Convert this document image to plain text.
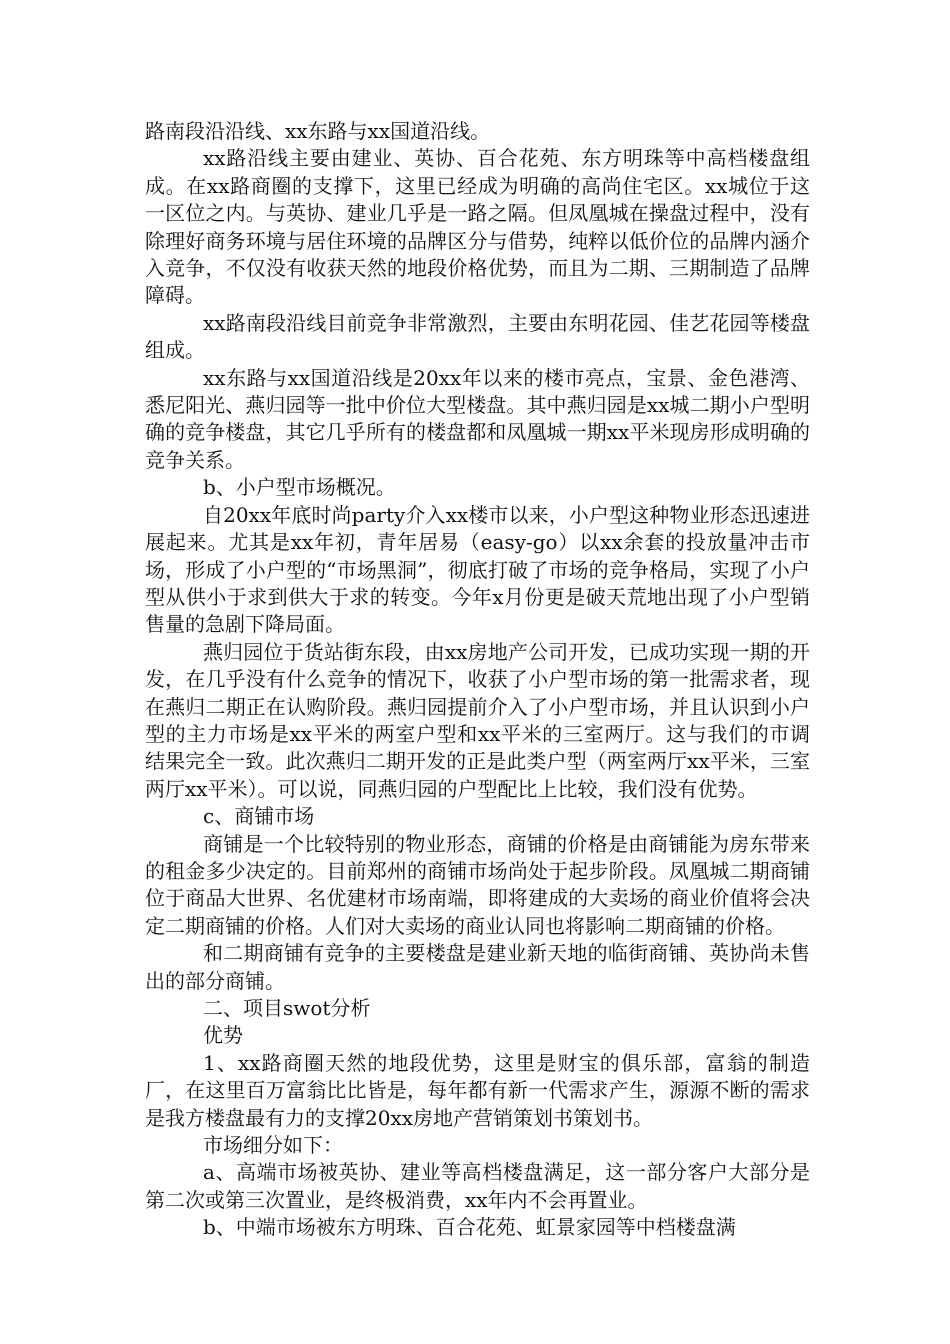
路南段沿沿线、xx东路与xx国道沿线。

xx路沿线主要由建业、英协、百合花苑、东方明珠等中高档楼盘组成。在xx路商圈的支撑下，这里已经成为明确的高尚住宅区。xx城位于这一区位之内。与英协、建业几乎是一路之隔。但凤凰城在操盘过程中，没有除理好商务环境与居住环境的品牌区分与借势，纯粹以低价位的品牌内涵介入竞争，不仅没有收获天然的地段价格优势，而且为二期、三期制造了品牌障碍。

xx路南段沿线目前竞争非常激烈，主要由东明花园、佳艺花园等楼盘组成。

xx东路与xx国道沿线是20xx年以来的楼市亮点，宝景、金色港湾、悉尼阳光、燕归园等一批中价位大型楼盘。其中燕归园是xx城二期小户型明确的竞争楼盘，其它几乎所有的楼盘都和凤凰城一期xx平米现房形成明确的竞争关系。

b、小户型市场概况。

自20xx年底时尚party介入xx楼市以来，小户型这种物业形态迅速进展起来。尤其是xx年初，青年居易（easy-go）以xx余套的投放量冲击市场，形成了小户型的“市场黑洞”，彻底打破了市场的竞争格局，实现了小户型从供小于求到供大于求的转变。今年x月份更是破天荒地出现了小户型销售量的急剧下降局面。

燕归园位于货站街东段，由xx房地产公司开发，已成功实现一期的开发，在几乎没有什么竞争的情况下，收获了小户型市场的第一批需求者，现在燕归二期正在认购阶段。燕归园提前介入了小户型市场，并且认识到小户型的主力市场是xx平米的两室户型和xx平米的三室两厅。这与我们的市调结果完全一致。此次燕归二期开发的正是此类户型（两室两厅xx平米，三室两厅xx平米）。可以说，同燕归园的户型配比上比较，我们没有优势。

c、商铺市场

商铺是一个比较特别的物业形态，商铺的价格是由商铺能为房东带来的租金多少决定的。目前郑州的商铺市场尚处于起步阶段。凤凰城二期商铺位于商品大世界、名优建材市场南端，即将建成的大卖场的商业价值将会决定二期商铺的价格。人们对大卖场的商业认同也将影响二期商铺的价格。

和二期商铺有竞争的主要楼盘是建业新天地的临街商铺、英协尚未售出的部分商铺。

二、项目swot分析

优势

1、xx路商圈天然的地段优势，这里是财宝的俱乐部，富翁的制造厂，在这里百万富翁比比皆是，每年都有新一代需求产生，源源不断的需求是我方楼盘最有力的支撑20xx房地产营销策划书策划书。

市场细分如下：

a、高端市场被英协、建业等高档楼盘满足，这一部分客户大部分是第二次或第三次置业，是终极消费，xx年内不会再置业。

b、中端市场被东方明珠、百合花苑、虹景家园等中档楼盘满
